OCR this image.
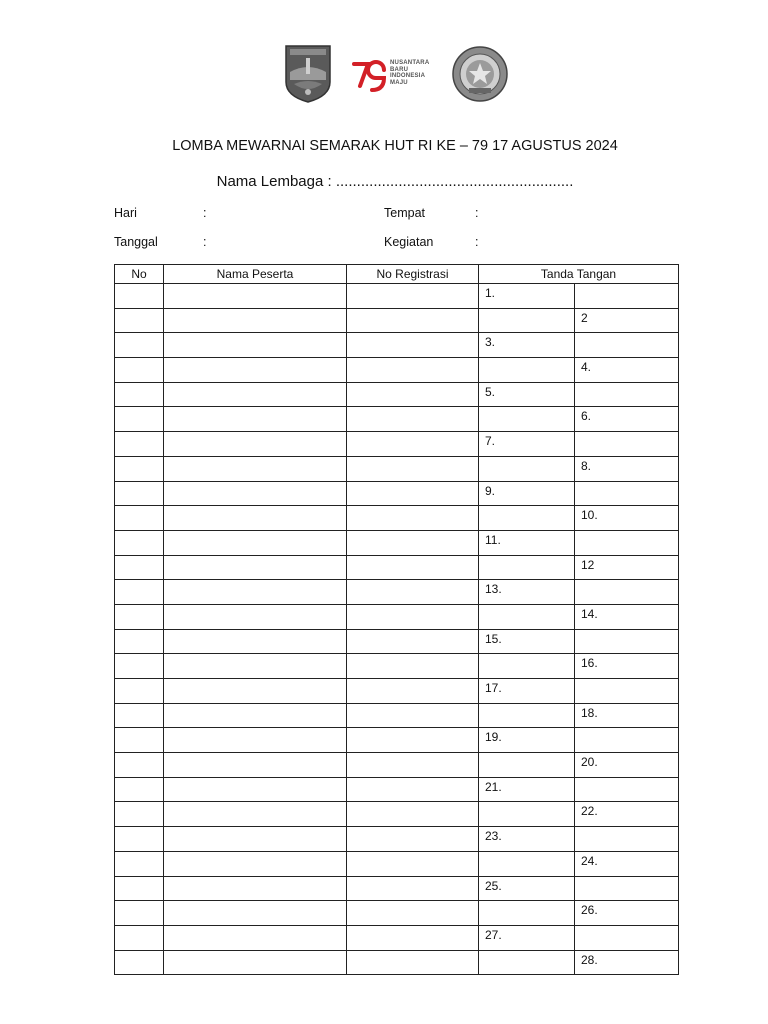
NUSANTARA
BARU
INDONESIA
MAJU
LOMBA MEWARNAI SEMARAK HUT RI KE – 79 17 AGUSTUS 2024
Nama Lembaga : .........................................................
Hari	:	Tempat	:
Tanggal	:	Kegiatan	:
No	Nama Peserta	No Registrasi	Tanda Tangan	
			1.	
				2
			3.	
				4.
			5.	
				6.
			7.	
				8.
			9.	
				10.
			11.	
				12
			13.	
				14.
			15.	
				16.
			17.	
				18.
			19.	
				20.
			21.	
				22.
			23.	
				24.
			25.	
				26.
			27.	
				28.
